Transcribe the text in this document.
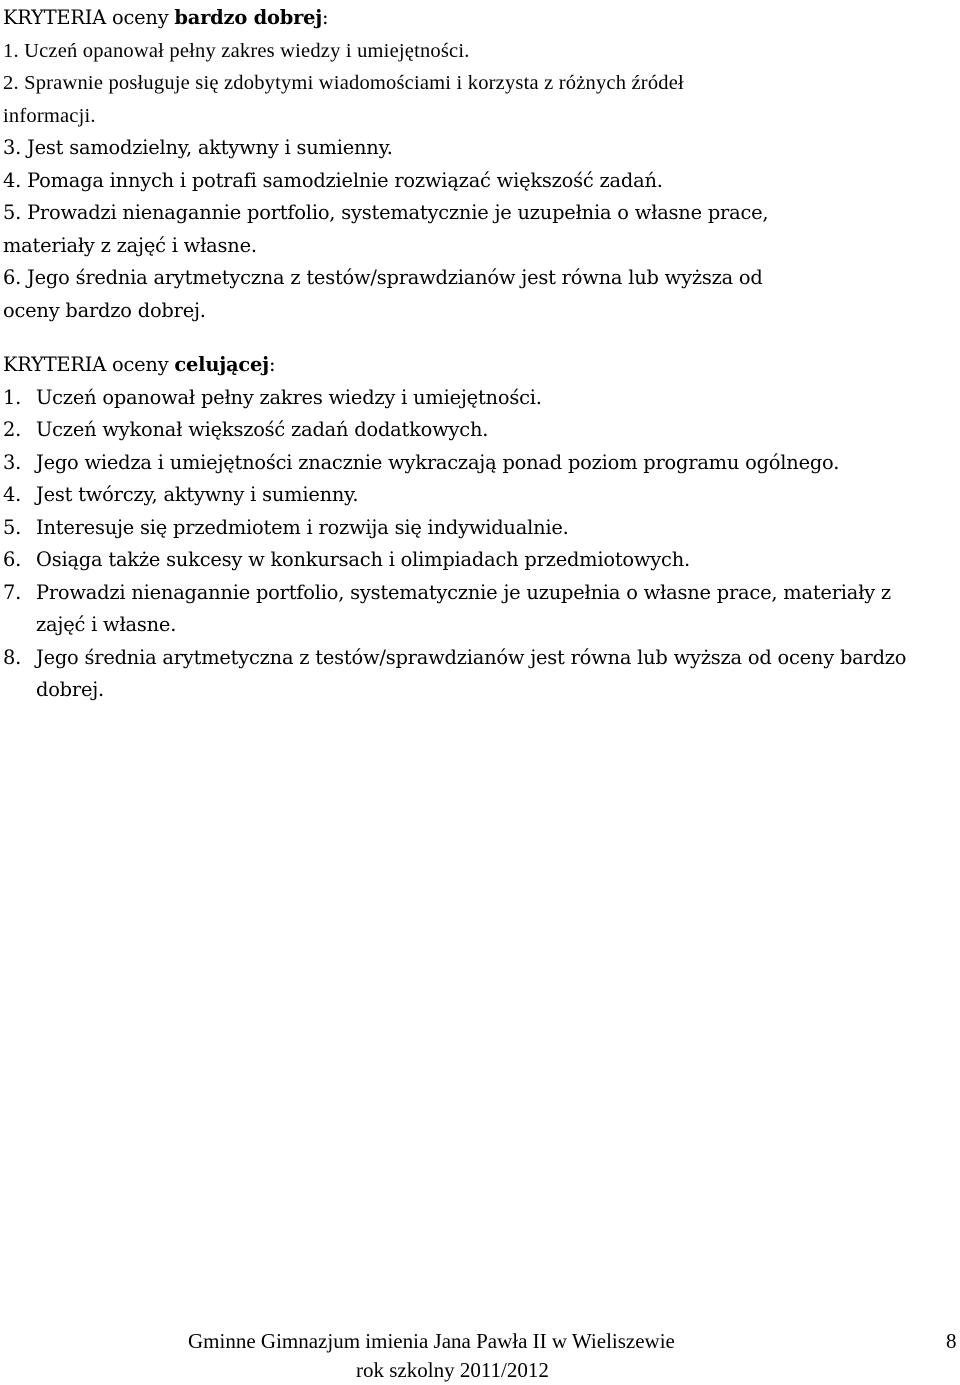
KRYTERIA oceny bardzo dobrej:
1. Uczeń opanował pełny zakres wiedzy i umiejętności.
2. Sprawnie posługuje się zdobytymi wiadomościami i korzysta z różnych źródeł
informacji.
3. Jest samodzielny, aktywny i sumienny.
4. Pomaga innych i potrafi samodzielnie rozwiązać większość zadań.
5. Prowadzi nienagannie portfolio, systematycznie je uzupełnia o własne prace,
materiały z zajęć i własne.
6. Jego średnia arytmetyczna z testów/sprawdzianów jest równa lub wyższa od
oceny bardzo dobrej.
KRYTERIA oceny celującej:
1. Uczeń opanował pełny zakres wiedzy i umiejętności.
2. Uczeń wykonał większość zadań dodatkowych.
3. Jego wiedza i umiejętności znacznie wykraczają ponad poziom programu ogólnego.
4. Jest twórczy, aktywny i sumienny.
5. Interesuje się przedmiotem i rozwija się indywidualnie.
6. Osiąga także sukcesy w konkursach i olimpiadach przedmiotowych.
7. Prowadzi nienagannie portfolio, systematycznie je uzupełnia o własne prace, materiały z zajęć i własne.
8. Jego średnia arytmetyczna z testów/sprawdzianów jest równa lub wyższa od oceny bardzo dobrej.
Gminne Gimnazjum imienia Jana Pawła II w Wieliszewie
rok szkolny 2011/2012
8
